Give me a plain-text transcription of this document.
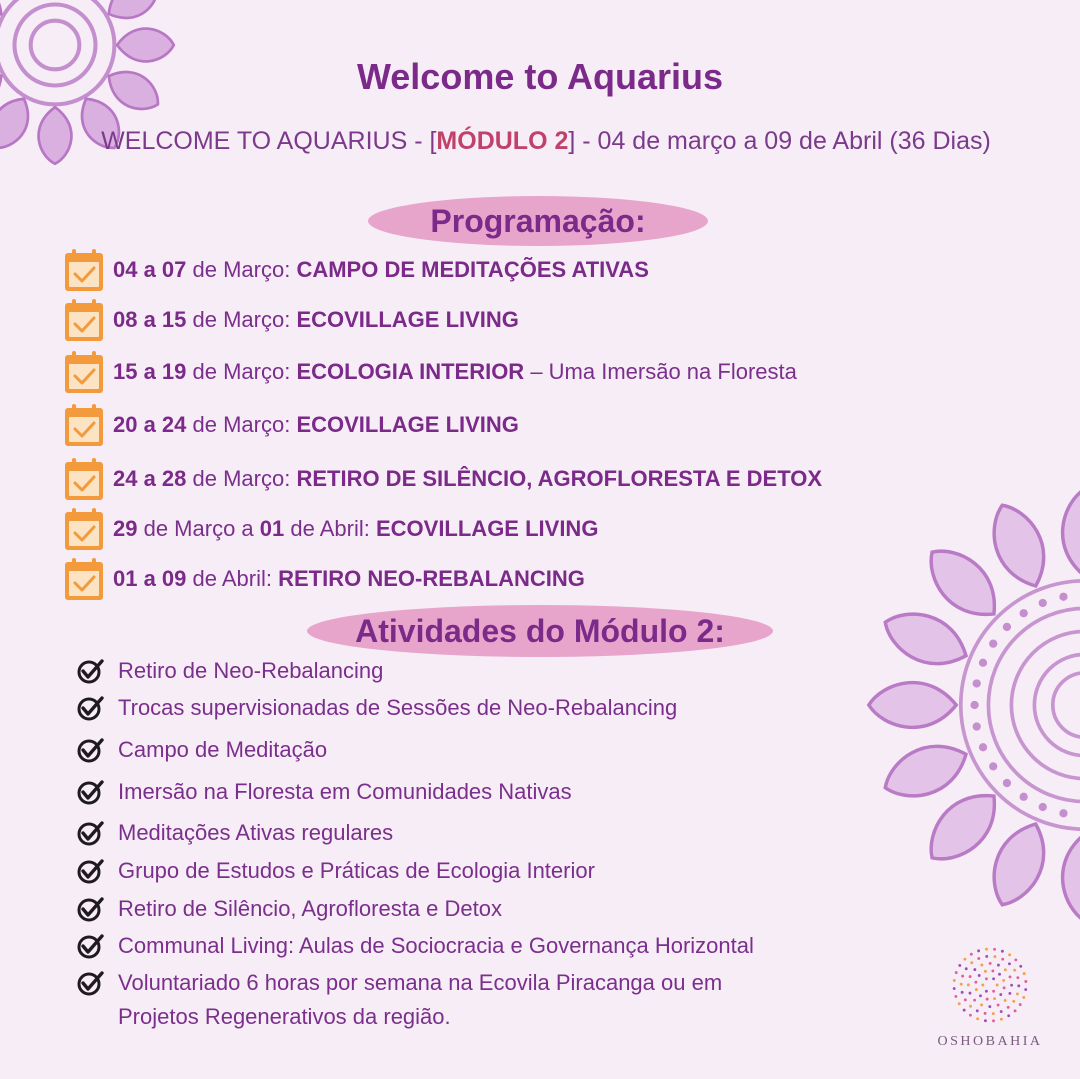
Welcome to Aquarius
WELCOME TO AQUARIUS - [MÓDULO 2] - 04 de março a 09 de Abril (36 Dias)
Programação:
04 a 07 de Março: CAMPO DE MEDITAÇÕES ATIVAS
08 a 15 de Março: ECOVILLAGE LIVING
15 a 19 de Março: ECOLOGIA INTERIOR – Uma Imersão na Floresta
20 a 24 de Março: ECOVILLAGE LIVING
24 a 28 de Março: RETIRO DE SILÊNCIO, AGROFLORESTA E DETOX
29 de Março a 01 de Abril: ECOVILLAGE LIVING
01 a 09 de Abril: RETIRO NEO-REBALANCING
Atividades do Módulo 2:
Retiro de Neo-Rebalancing
Trocas supervisionadas de Sessões de Neo-Rebalancing
Campo de Meditação
Imersão na Floresta em Comunidades Nativas
Meditações Ativas regulares
Grupo de Estudos e Práticas de Ecologia Interior
Retiro de Silêncio, Agrofloresta e Detox
Communal Living: Aulas de Sociocracia e Governança Horizontal
Voluntariado 6 horas por semana na Ecovila Piracanga ou em
Projetos Regenerativos da região.
OSHOBAHIA
